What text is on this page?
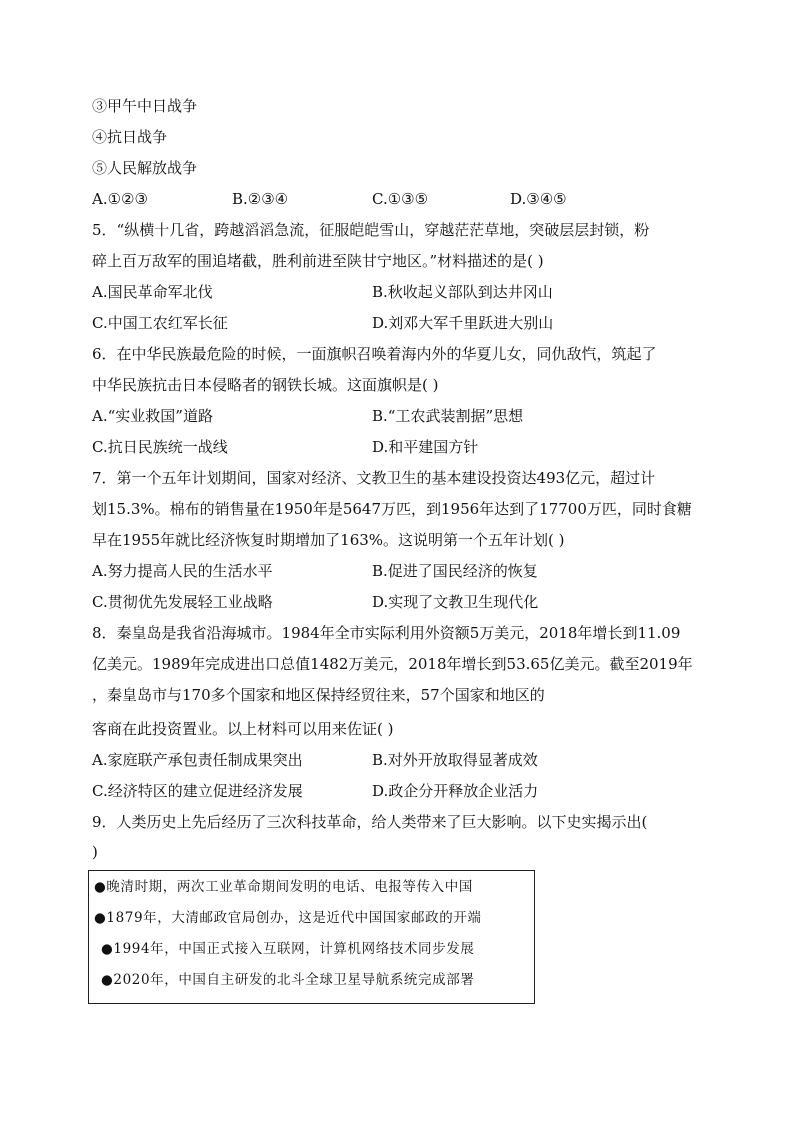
③甲午中日战争
④抗日战争
⑤人民解放战争
A.①②③	B.②③④	C.①③⑤	D.③④⑤
5．“纵横十几省，跨越滔滔急流，征服皑皑雪山，穿越茫茫草地，突破层层封锁，粉
碎上百万敌军的围追堵截，胜利前进至陕甘宁地区。”材料描述的是( )
A.国民革命军北伐	B.秋收起义部队到达井冈山
C.中国工农红军长征	D.刘邓大军千里跃进大别山
6．在中华民族最危险的时候，一面旗帜召唤着海内外的华夏儿女，同仇敌忾，筑起了
中华民族抗击日本侵略者的钢铁长城。这面旗帜是( )
A.“实业救国”道路	B.“工农武装割据”思想
C.抗日民族统一战线	D.和平建国方针
7．第一个五年计划期间，国家对经济、文教卫生的基本建设投资达493亿元，超过计
划15.3%。棉布的销售量在1950年是5647万匹，到1956年达到了17700万匹，同时食糖
早在1955年就比经济恢复时期增加了163%。这说明第一个五年计划( )
A.努力提高人民的生活水平	B.促进了国民经济的恢复
C.贯彻优先发展轻工业战略	D.实现了文教卫生现代化
8．秦皇岛是我省沿海城市。1984年全市实际利用外资额5万美元，2018年增长到11.09
亿美元。1989年完成进出口总值1482万美元，2018年增长到53.65亿美元。截至2019年
，秦皇岛市与170多个国家和地区保持经贸往来，57个国家和地区的
客商在此投资置业。以上材料可以用来佐证( )
A.家庭联产承包责任制成果突出	B.对外开放取得显著成效
C.经济特区的建立促进经济发展	D.政企分开释放企业活力
9．人类历史上先后经历了三次科技革命，给人类带来了巨大影响。以下史实揭示出(
)
●晚清时期，两次工业革命期间发明的电话、电报等传入中国
●1879年，大清邮政官局创办，这是近代中国国家邮政的开端
●1994年，中国正式接入互联网，计算机网络技术同步发展
●2020年，中国自主研发的北斗全球卫星导航系统完成部署
